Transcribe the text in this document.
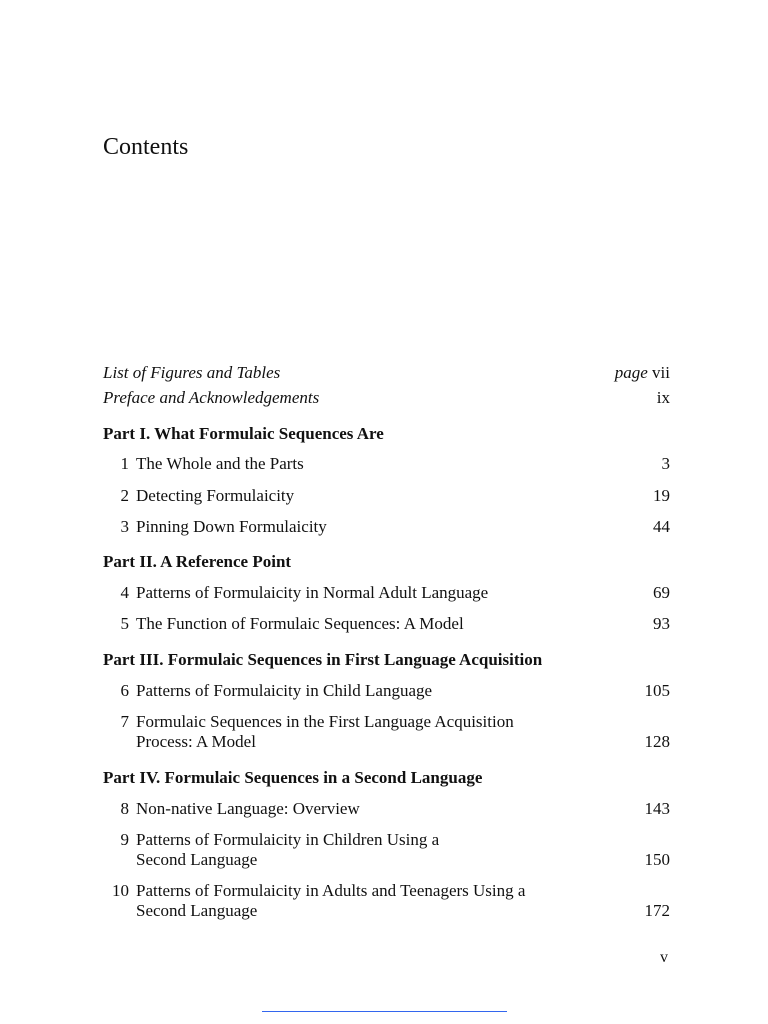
Contents
List of Figures and Tables	page vii
Preface and Acknowledgements	ix
Part I. What Formulaic Sequences Are
1 The Whole and the Parts	3
2 Detecting Formulaicity	19
3 Pinning Down Formulaicity	44
Part II. A Reference Point
4 Patterns of Formulaicity in Normal Adult Language	69
5 The Function of Formulaic Sequences: A Model	93
Part III. Formulaic Sequences in First Language Acquisition
6 Patterns of Formulaicity in Child Language	105
7 Formulaic Sequences in the First Language Acquisition
Process: A Model	128
Part IV. Formulaic Sequences in a Second Language
8 Non-native Language: Overview	143
9 Patterns of Formulaicity in Children Using a
Second Language	150
10 Patterns of Formulaicity in Adults and Teenagers Using a
Second Language	172
v
